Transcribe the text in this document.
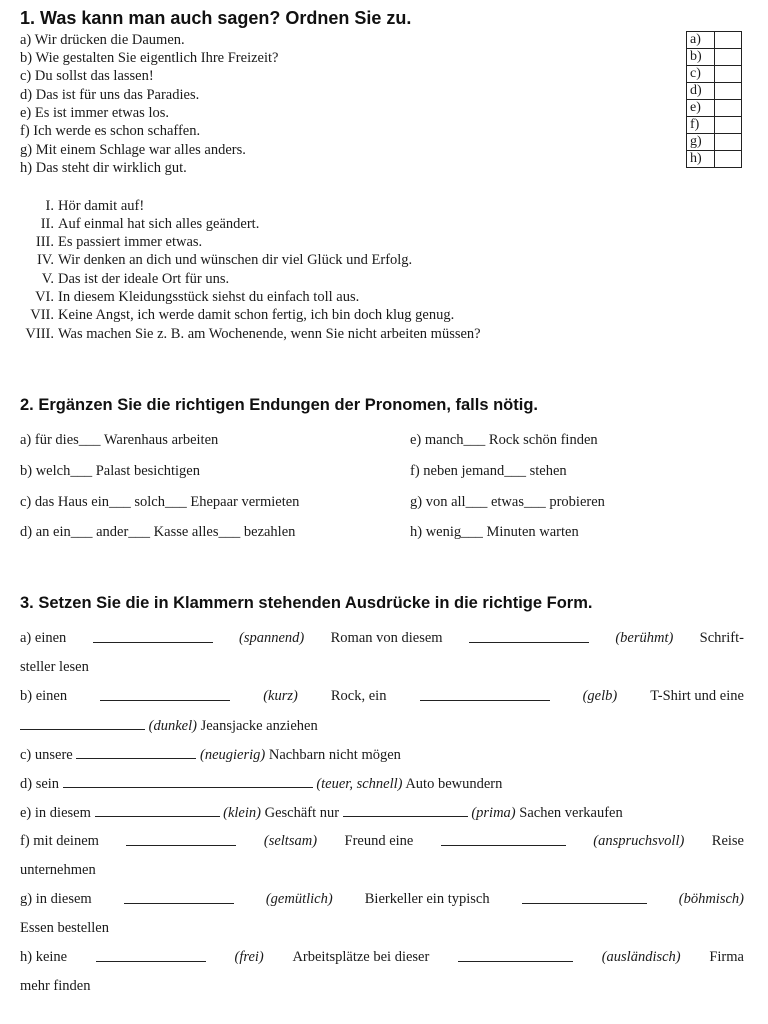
1. Was kann man auch sagen? Ordnen Sie zu.
a) Wir drücken die Daumen.
b) Wie gestalten Sie eigentlich Ihre Freizeit?
c) Du sollst das lassen!
d) Das ist für uns das Paradies.
e) Es ist immer etwas los.
f) Ich werde es schon schaffen.
g) Mit einem Schlage war alles anders.
h) Das steht dir wirklich gut.
a)	
b)	
c)	
d)	
e)	
f)	
g)	
h)	
I. Hör damit auf!
II. Auf einmal hat sich alles geändert.
III. Es passiert immer etwas.
IV. Wir denken an dich und wünschen dir viel Glück und Erfolg.
V. Das ist der ideale Ort für uns.
VI. In diesem Kleidungsstück siehst du einfach toll aus.
VII. Keine Angst, ich werde damit schon fertig, ich bin doch klug genug.
VIII. Was machen Sie z. B. am Wochenende, wenn Sie nicht arbeiten müssen?
2. Ergänzen Sie die richtigen Endungen der Pronomen, falls nötig.
a) für dies___ Warenhaus arbeiten
b) welch___ Palast besichtigen
c) das Haus ein___ solch___ Ehepaar vermieten
d) an ein___ ander___ Kasse alles___ bezahlen
e) manch___ Rock schön finden
f) neben jemand___ stehen
g) von all___ etwas___ probieren
h) wenig___ Minuten warten
3. Setzen Sie die in Klammern stehenden Ausdrücke in die richtige Form.
a) einen	(spannend) Roman von diesem	(berühmt) Schrift-
steller lesen
b) einen	(kurz) Rock, ein	(gelb) T-Shirt und eine
(dunkel) Jeansjacke anziehen
c) unsere	(neugierig) Nachbarn nicht mögen
d) sein	(teuer, schnell) Auto bewundern
e) in diesem	(klein) Geschäft nur	(prima) Sachen verkaufen
f) mit deinem	(seltsam) Freund eine	(anspruchsvoll) Reise
unternehmen
g) in diesem	(gemütlich) Bierkeller ein typisch	(böhmisch)
Essen bestellen
h) keine	(frei) Arbeitsplätze bei dieser	(ausländisch) Firma
mehr finden
